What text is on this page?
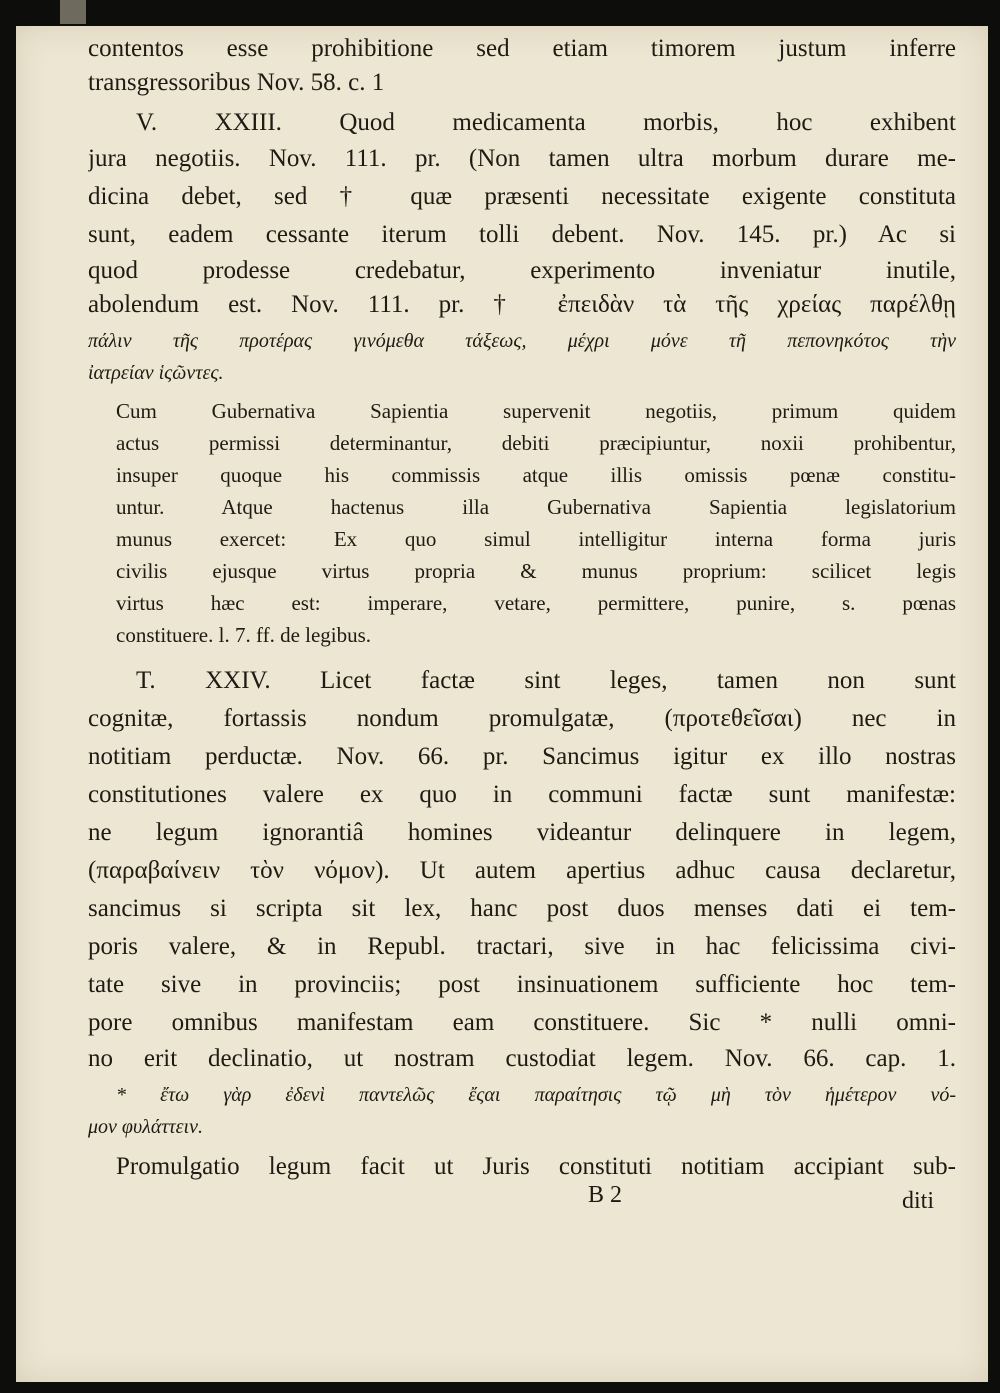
contentos esse prohibitione sed etiam timorem justum inferre
transgressoribus Nov. 58. c. 1
V. XXIII. Quod medicamenta morbis, hoc exhibent
jura negotiis. Nov. 111. pr. (Non tamen ultra morbum durare me-
dicina debet, sed † quæ præsenti necessitate exigente constituta
sunt, eadem cessante iterum tolli debent. Nov. 145. pr.) Ac si
quod prodesse credebatur, experimento inveniatur inutile,
abolendum est. Nov. 111. pr. † ἐπειδὰν τὰ τῆς χρείας παρέλθῃ
πάλιν τῆς προτέρας γινόμεθα τάξεως, μέχρι μόνε τῆ πεπονηκότος τὴν
ἰατρείαν ἱςῶντες.
Cum Gubernativa Sapientia supervenit negotiis, primum quidem
actus permissi determinantur, debiti præcipiuntur, noxii prohibentur,
insuper quoque his commissis atque illis omissis pœnæ constitu-
untur. Atque hactenus illa Gubernativa Sapientia legislatorium
munus exercet: Ex quo simul intelligitur interna forma juris
civilis ejusque virtus propria & munus proprium: scilicet legis
virtus hæc est: imperare, vetare, permittere, punire, s. pœnas
constituere. l. 7. ff. de legibus.
T. XXIV. Licet factæ sint leges, tamen non sunt
cognitæ, fortassis nondum promulgatæ, (προτεθεῖσαι) nec in
notitiam perductæ. Nov. 66. pr. Sancimus igitur ex illo nostras
constitutiones valere ex quo in communi factæ sunt manifestæ:
ne legum ignorantiâ homines videantur delinquere in legem,
(παραβαίνειν τὸν νόμον). Ut autem apertius adhuc causa declaretur,
sancimus si scripta sit lex, hanc post duos menses dati ei tem-
poris valere, & in Republ. tractari, sive in hac felicissima civi-
tate sive in provinciis; post insinuationem sufficiente hoc tem-
pore omnibus manifestam eam constituere. Sic * nulli omni-
no erit declinatio, ut nostram custodiat legem. Nov. 66. cap. 1.
* ἔτω γὰρ ἐδενὶ παντελῶς ἔςαι παραίτησις τῷ μὴ τὸν ἡμέτερον νό-
μον φυλάττειν.
Promulgatio legum facit ut Juris constituti notitiam accipiant sub-
B 2	diti
